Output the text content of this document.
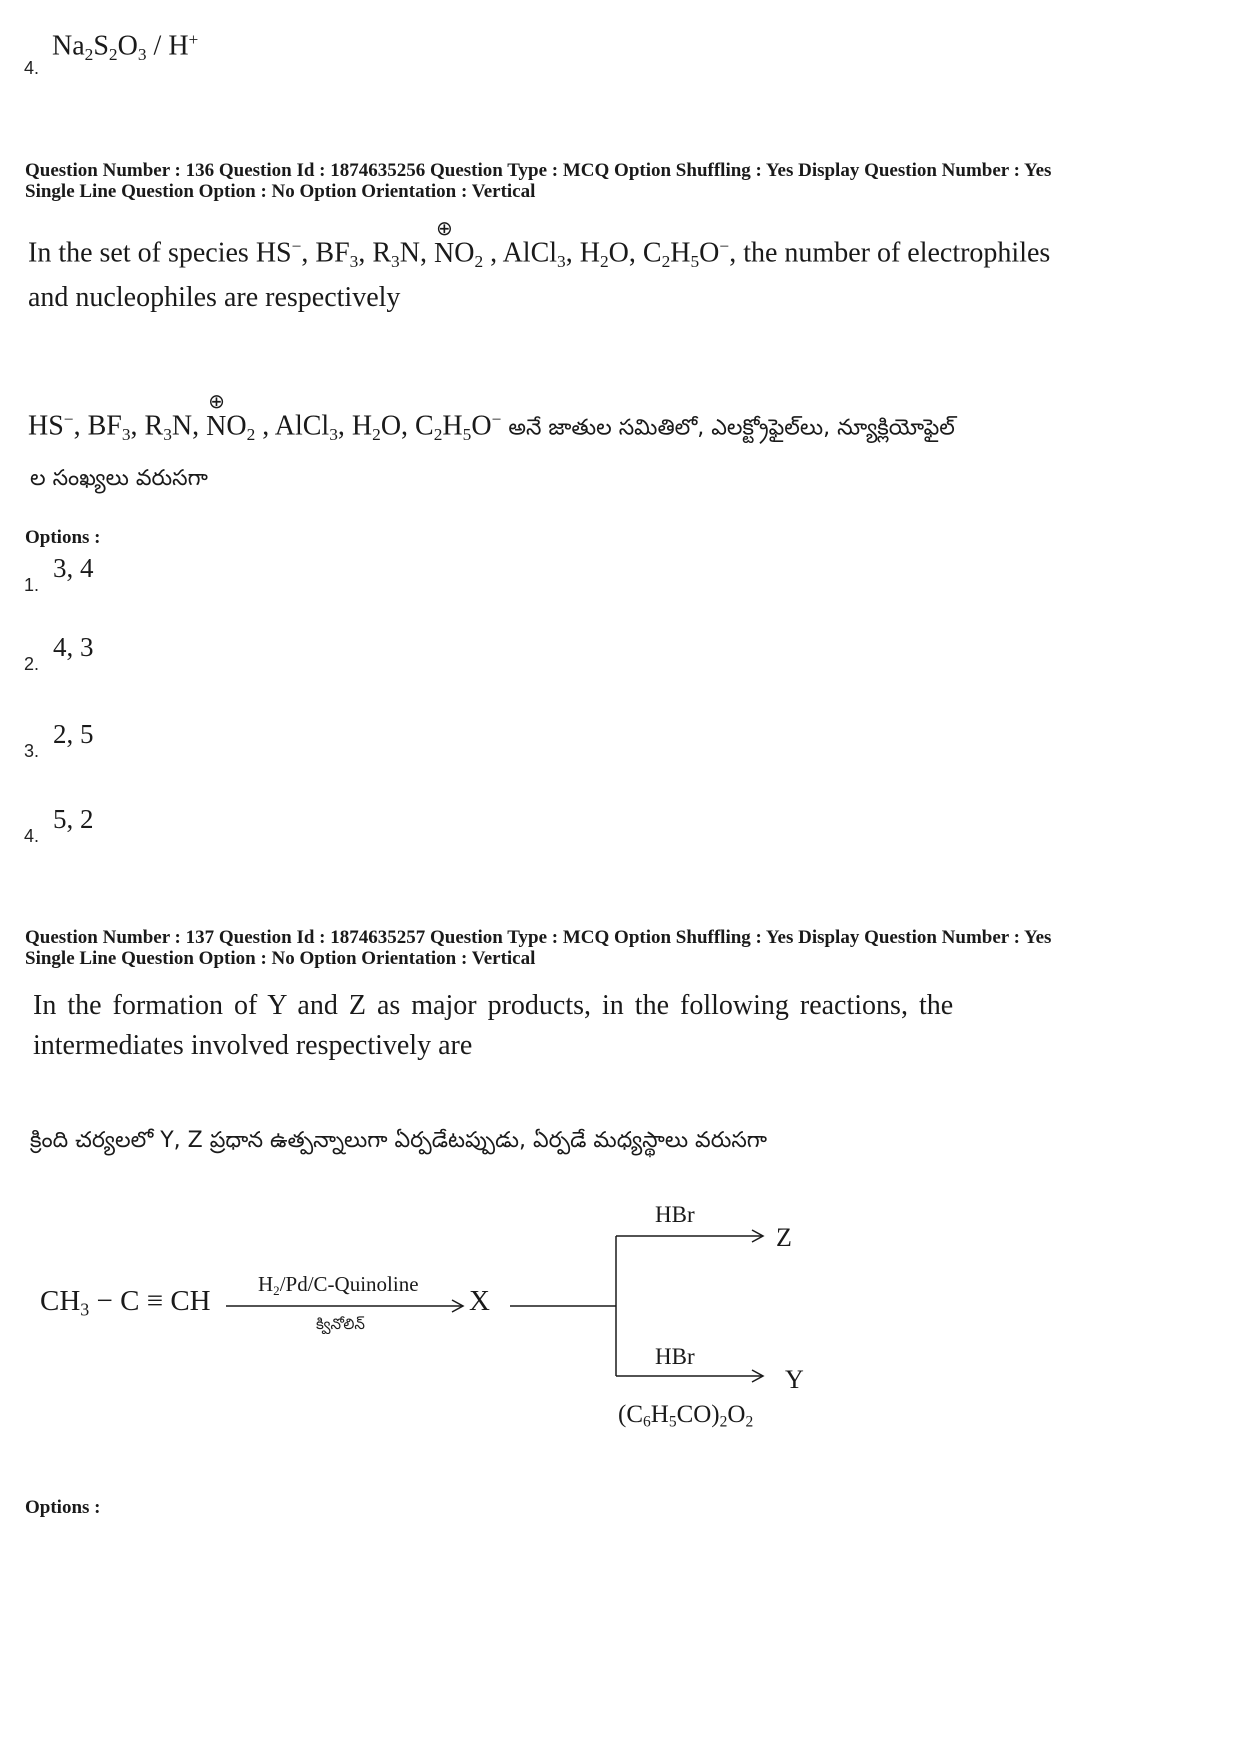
4.
$Na_2S_2O_3 / H^+$
Question Number : 136 Question Id : 1874635256 Question Type : MCQ Option Shuffling : Yes Display Question Number : Yes
Single Line Question Option : No Option Orientation : Vertical
In the set of species HS−, $BF_3$, $R_3N$, N
⊕
$O_2$ , AlCl$_3$, $H_2O$, $C_2H_5O^-$, the number of electrophiles
and nucleophiles are respectively
HS−, $BF_3$, $R_3N$, N
⊕
$O_2$ , AlCl$_3$, $H_2O$, $C_2H_5O^-$ అనే జాతుల సమితిలో, ఎలక్ట్రోఫైల్‌లు, న్యూక్లియోఫైల్
ల సంఖ్యలు వరుసగా
Options :
1.
3, 4
2.
4, 3
3.
2, 5
4.
5, 2
Question Number : 137 Question Id : 1874635257 Question Type : MCQ Option Shuffling : Yes Display Question Number : Yes
Single Line Question Option : No Option Orientation : Vertical
In the formation of Y and Z as major products, in the following reactions, the
intermediates involved respectively are
క్రింది చర్యలలో Y, Z ప్రధాన ఉత్పన్నాలుగా ఏర్పడేటప్పుడు, ఏర్పడే మధ్యస్థాలు వరుసగా
$CH_3 - C$ ≡ CH
$H_2/Pd/C$-Quinoline
క్వినోలిన్
X
HBr
Z
HBr
Y
$(C_6H_5CO)_2O_2$
Options :
